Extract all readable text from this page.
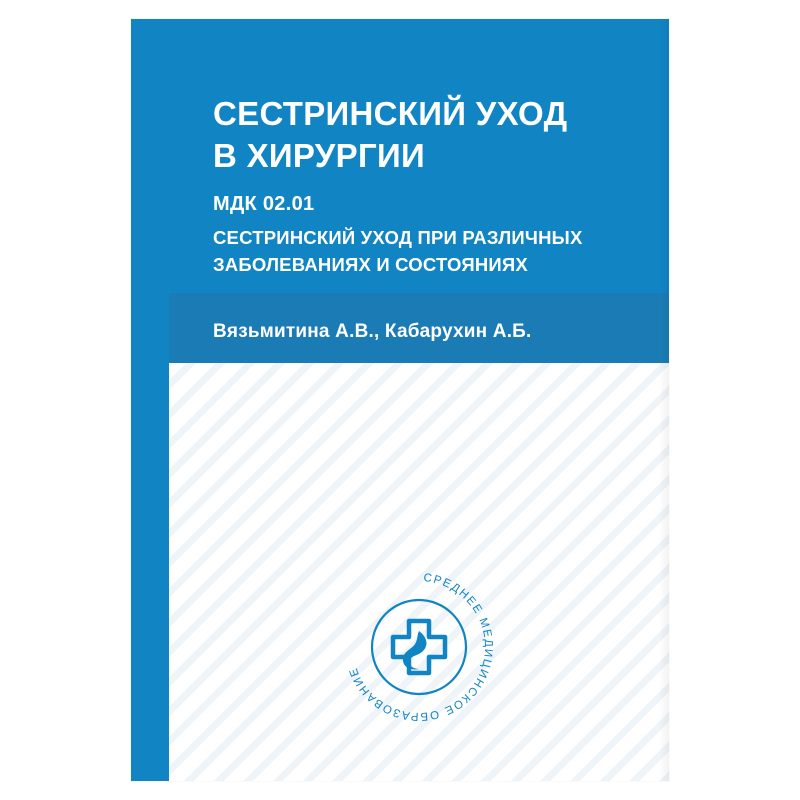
СЕСТРИНСКИЙ УХОД
В ХИРУРГИИ
МДК 02.01
СЕСТРИНСКИЙ УХОД ПРИ РАЗЛИЧНЫХ
ЗАБОЛЕВАНИЯХ И СОСТОЯНИЯХ
Вязьмитина А.В., Кабарухин А.Б.
СРЕДНЕЕ МЕДИЦИНСКОЕ ОБРАЗОВАНИЕ
